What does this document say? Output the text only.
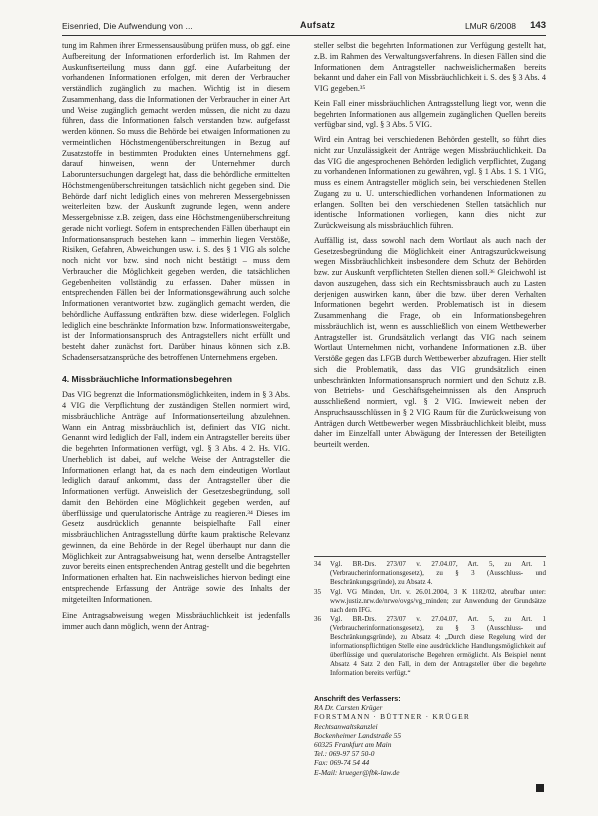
Eisenried, Die Aufwendung von ...	Aufsatz	LMuR 6/2008 143

tung im Rahmen ihrer Ermessensausübung prüfen muss, ob ggf. eine Aufbereitung der Informationen erforderlich ist. Im Rahmen der Auskunftserteilung muss dann ggf. eine Aufarbeitung der vorhandenen Informationen erfolgen, mit deren der Verbraucher verständlich zugänglich zu machen. Wichtig ist in diesem Zusammenhang, dass die Informationen der Verbraucher in einer Art und Weise zugänglich gemacht werden müssen, die nicht zu dazu führen, dass die Informationen falsch verstanden bzw. aufgefasst werden können. So muss die Behörde bei etwaigen Informationen zu vermeintlichen Höchstmengenüberschreitungen in Bezug auf Zusatzstoffe in bestimmten Produkten eines Unternehmens ggf. darauf hinweisen, wenn der Unternehmer durch Laboruntersuchungen dargelegt hat, dass die behördliche ermittelten Höchstmengenüberschreitungen tatsächlich nicht gegeben sind. Die Behörde darf nicht lediglich eines von mehreren Messergebnissen weiterleiten bzw. der Auskunft zugrunde legen, wenn andere Messergebnisse z.B. zeigen, dass eine Höchstmengenüberschreitung gerade nicht vorliegt. Sofern in entsprechenden Fällen überhaupt ein Informationsanspruch bestehen kann – immerhin liegen Verstöße, Risiken, Gefahren, Abweichungen usw. i. S. des § 1 VIG als solche noch nicht vor bzw. sind noch nicht bestätigt – muss dem Verbraucher die Möglichkeit gegeben werden, die tatsächlichen Gegebenheiten vollständig zu erfassen. Daher müssen in entsprechenden Fällen bei der Informationsgewährung auch solche Informationen verantwortet bzw. zugänglich gemacht werden, die behördliche Auffassung entkräften bzw. diese widerlegen. Folglich lediglich eine beschränkte Information bzw. Informationsweitergabe, ist der Informationsanspruch des Antragstellers nicht erfüllt und besteht daher zunächst fort. Darüber hinaus können sich z.B. Schadensersatzansprüche des betroffenen Unternehmens ergeben.

4. Missbräuchliche Informationsbegehren

Das VIG begrenzt die Informationsmöglichkeiten, indem in § 3 Abs. 4 VIG die Verpflichtung der zuständigen Stellen normiert wird, missbräuchliche Anträge auf Informationserteilung abzulehnen. Wann ein Antrag missbräuchlich ist, definiert das VIG nicht. Genannt wird lediglich der Fall, indem ein Antragsteller bereits über die begehrten Informationen verfügt, vgl. § 3 Abs. 4 2. Hs. VIG. Unerheblich ist dabei, auf welche Weise der Antragsteller die Informationen erlangt hat, da es nach dem eindeutigen Wortlaut lediglich darauf ankommt, dass der Antragsteller über die Informationen verfügt. Anweislich der Gesetzesbegründung, soll damit den Behörden eine Möglichkeit gegeben werden, auf überflüssige und querulatorische Anträge zu reagieren.³⁴ Dieses im Gesetz ausdrücklich genannte beispielhafte Fall einer missbräuchlichen Antragsstellung dürfte kaum praktische Relevanz gewinnen, da eine Behörde in der Regel überhaupt nur dann die Möglichkeit zur Antragsabweisung hat, wenn derselbe Antragsteller zuvor bereits einen entsprechenden Antrag gestellt und die begehrten Informationen erhalten hat. Ein nachweisliches hiervon bedingt eine entsprechende Erfassung der Anträge sowie des Inhalts der mitgeteilten Informationen.

Eine Antragsabweisung wegen Missbräuchlichkeit ist jedenfalls immer auch dann möglich, wenn der Antrag-

steller selbst die begehrten Informationen zur Verfügung gestellt hat, z.B. im Rahmen des Verwaltungsverfahrens. In diesen Fällen sind die Informationen dem Antragsteller nachweislichermaßen bereits bekannt und daher ein Fall von Missbräuchlichkeit i. S. des § 3 Abs. 4 VIG gegeben.³⁵

Kein Fall einer missbräuchlichen Antragsstellung liegt vor, wenn die begehrten Informationen aus allgemein zugänglichen Quellen bereits verfügbar sind, vgl. § 3 Abs. 5 VIG.

Wird ein Antrag bei verschiedenen Behörden gestellt, so führt dies nicht zur Unzulässigkeit der Anträge wegen Missbräuchlichkeit. Da das VIG die angesprochenen Behörden lediglich verpflichtet, Zugang zu vorhandenen Informationen zu gewähren, vgl. § 1 Abs. 1 S. 1 VIG, muss es einem Antragsteller möglich sein, bei verschiedenen Stellen Zugang zu u. U. unterschiedlichen vorhandenen Informationen zu erlangen. Sollten bei den verschiedenen Stellen tatsächlich nur identische Informationen vorliegen, kann dies nicht zur Zurückweisung als missbräuchlich führen.

Auffällig ist, dass sowohl nach dem Wortlaut als auch nach der Gesetzesbegründung die Möglichkeit einer Antragszurückweisung wegen Missbräuchlichkeit insbesondere dem Schutz der Behörden bzw. zur Auskunft verpflichteten Stellen dienen soll.³⁶ Gleichwohl ist davon auszugehen, dass sich ein Rechtsmissbrauch auch zu Lasten derjenigen auswirken kann, über die bzw. über deren Verhalten Informationen begehrt werden. Problematisch ist in diesem Zusammenhang die Frage, ob ein Informationsbegehren missbräuchlich ist, wenn es ausschließlich von einem Wettbewerber Antragsteller ist. Grundsätzlich verlangt das VIG nach seinem Wortlaut Unternehmen nicht, vorhandene Informationen z.B. über Verstöße gegen das LFGB durch Wettbewerber abzufragen. Hier stellt sich die Problematik, dass das VIG grundsätzlich einen unbeschränkten Informationsanspruch normiert und den Schutz z.B. von Betriebs- und Geschäftsgeheimnissen als den Anspruch ausschließend normiert, vgl. § 2 VIG. Inwieweit neben der Anspruchsausschlüssen in § 2 VIG Raum für die Zurückweisung von Anträgen durch Wettbewerber wegen Missbräuchlichkeit bleibt, muss daher im Einzelfall unter Abwägung der Interessen der Beteiligten beurteilt werden.

34 Vgl. BR-Drs. 273/07 v. 27.04.07, Art. 5, zu Art. 1 (Verbraucherinformationsgesetz), zu § 3 (Ausschluss- und Beschränkungsgründe), zu Absatz 4.
35 Vgl. VG Minden, Urt. v. 26.01.2004, 3 K 1182/02, abrufbar unter: www.justiz.nrw.de/nrwe/ovgs/vg_minden; zur Anwendung der Grundsätze nach dem IFG.
36 Vgl. BR-Drs. 273/07 v. 27.04.07, Art. 5, zu Art. 1 (Verbraucherinformationsgesetz), zu § 3 (Ausschluss- und Beschränkungsgründe), zu Absatz 4: „Durch diese Regelung wird der informationspflichtigen Stelle eine ausdrückliche Handlungsmöglichkeit auf überflüssige und querulatorische Begehren ermöglicht. Als Beispiel nennt Absatz 4 Satz 2 den Fall, in dem der Antragsteller über die begehrte Information bereits verfügt.“
Anschrift des Verfassers:
RA Dr. Carsten Krüger
FORSTMANN · BÜTTNER · KRÜGER
Rechtsanwaltskanzlei
Bockenheimer Landstraße 55
60325 Frankfurt am Main
Tel.: 069-97 57 50-0
Fax: 069-74 54 44
E-Mail: krueger@fbk-law.de
